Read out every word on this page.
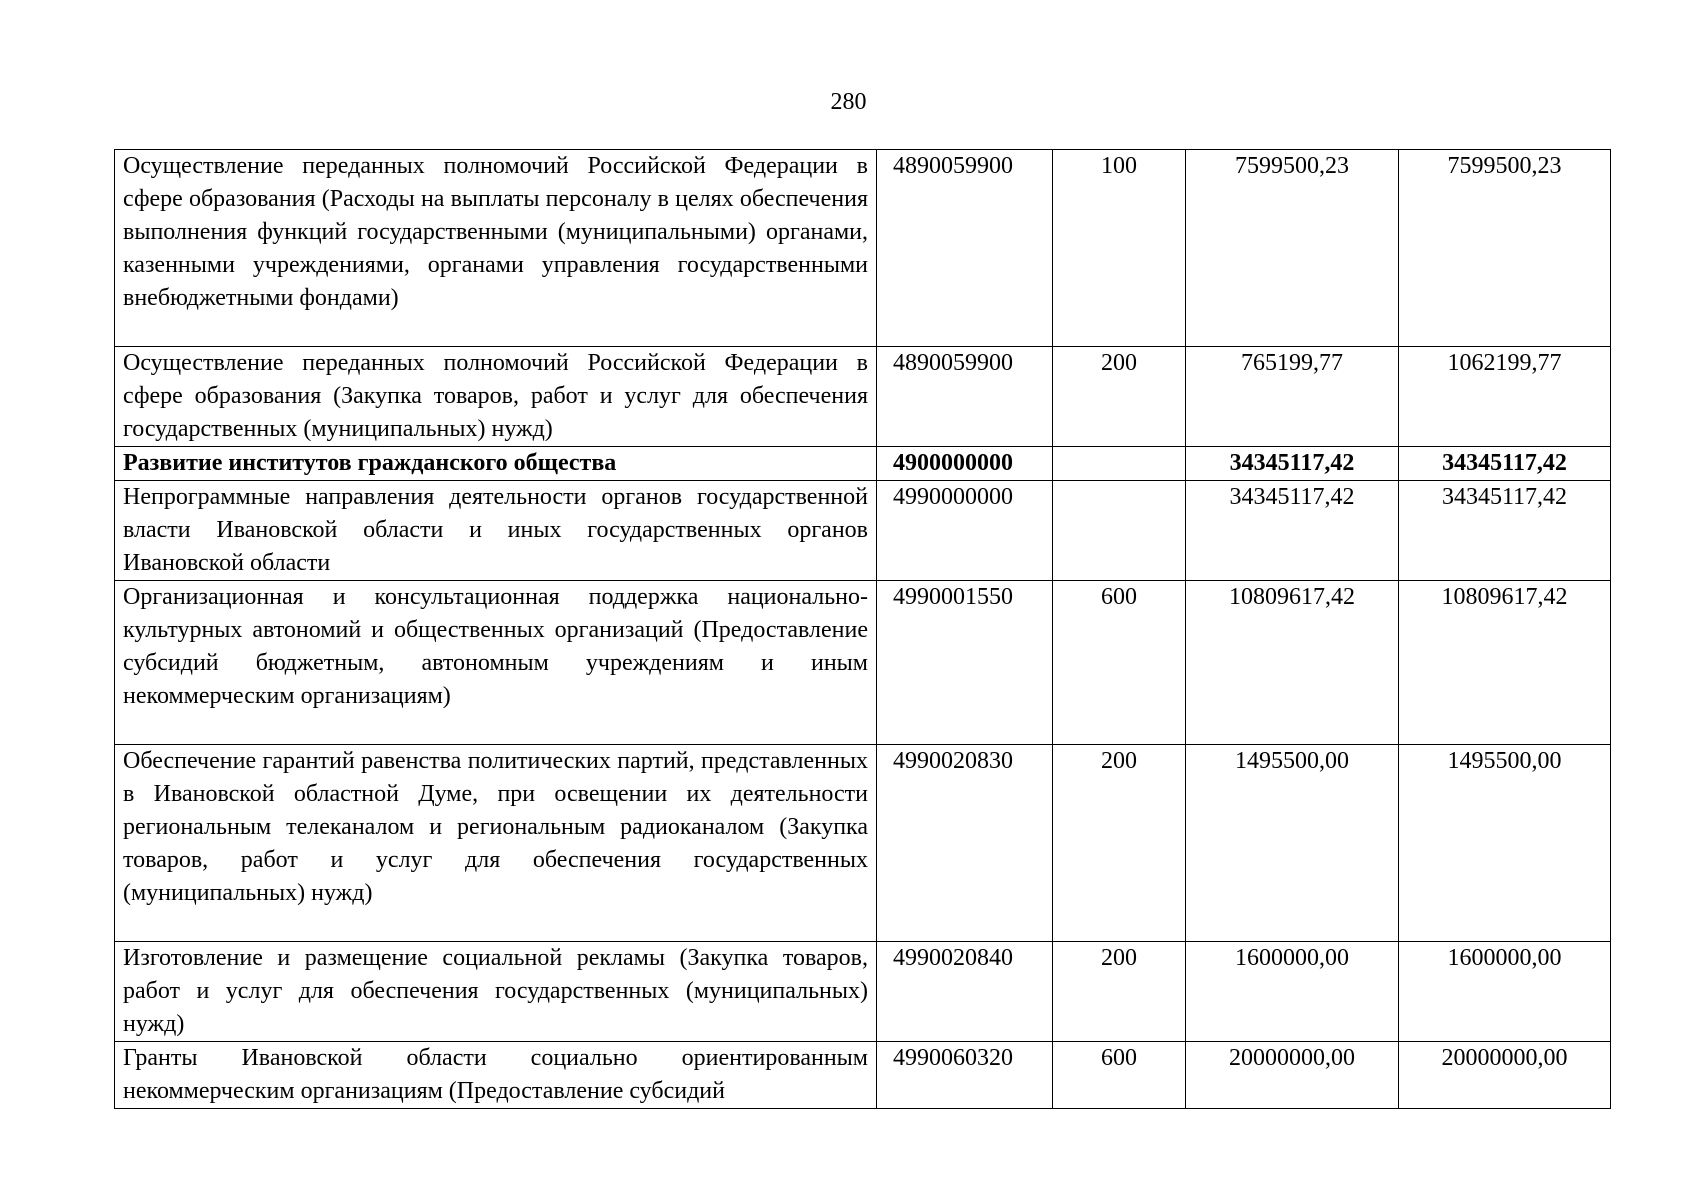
280
Осуществление переданных полномочий Российской Федерации в сфере образования (Расходы на выплаты персоналу в целях обеспечения выполнения функций государственными (муниципальными) органами, казенными учреждениями, органами управления государственными внебюджетными фондами)	4890059900	100	7599500,23	7599500,23
Осуществление переданных полномочий Российской Федерации в сфере образования (Закупка товаров, работ и услуг для обеспечения государственных (муниципальных) нужд)	4890059900	200	765199,77	1062199,77
Развитие институтов гражданского общества	4900000000		34345117,42	34345117,42
Непрограммные направления деятельности органов государственной власти Ивановской области и иных государственных органов Ивановской области	4990000000		34345117,42	34345117,42
Организационная и консультационная поддержка национально-культурных автономий и общественных организаций (Предоставление субсидий бюджетным, автономным учреждениям и иным некоммерческим организациям)	4990001550	600	10809617,42	10809617,42
Обеспечение гарантий равенства политических партий, представленных в Ивановской областной Думе, при освещении их деятельности региональным телеканалом и региональным радиоканалом (Закупка товаров, работ и услуг для обеспечения государственных (муниципальных) нужд)	4990020830	200	1495500,00	1495500,00
Изготовление и размещение социальной рекламы (Закупка товаров, работ и услуг для обеспечения государственных (муниципальных) нужд)	4990020840	200	1600000,00	1600000,00
Гранты Ивановской области социально ориентированным некоммерческим организациям (Предоставление субсидий	4990060320	600	20000000,00	20000000,00
